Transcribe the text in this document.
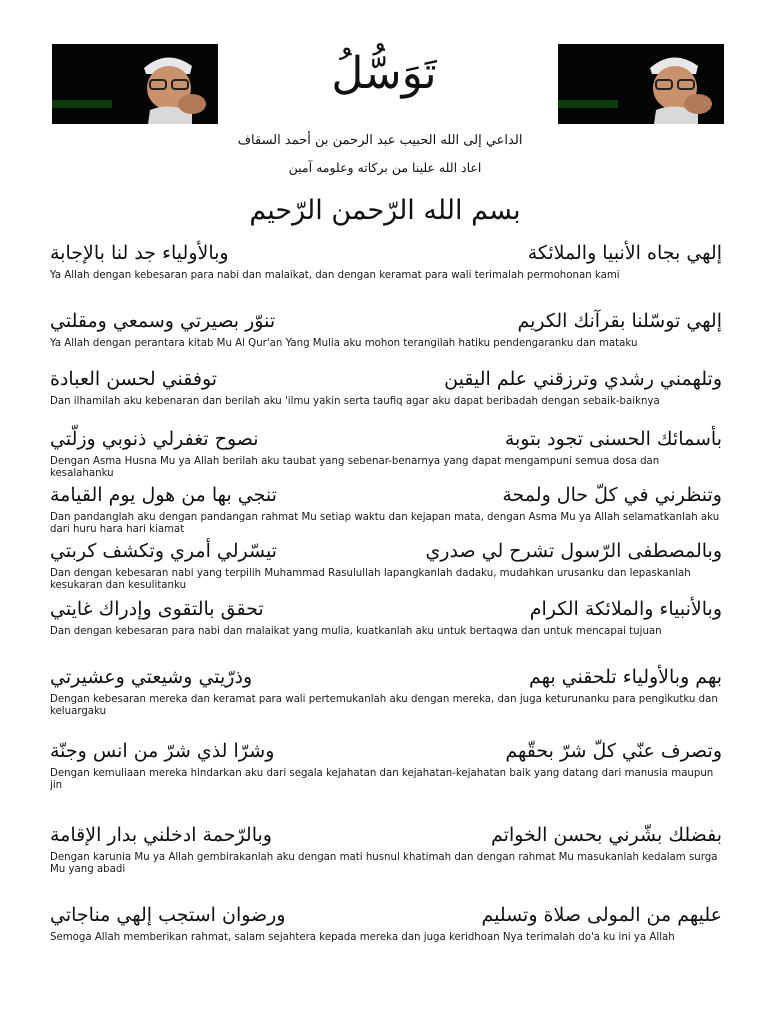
تَوَسُّلُ
الداعي إلى الله الحبيب عبد الرحمن بن أحمد السقاف
اعاد الله علينا من بركاته وعلومه آمين
بسم الله الرّحمن الرّحيم
إلهي بجاه الأنبيا والملائكة
وبالأولياء جد لنا بالإجابة
Ya Allah dengan kebesaran para nabi dan malaikat, dan dengan keramat para wali terimalah permohonan kami
إلهي توسّلنا بقرآنك الكريم
تنوّر بصيرتي وسمعي ومقلتي
Ya Allah dengan perantara kitab Mu Al Qur'an Yang Mulia aku mohon terangilah hatiku pendengaranku dan mataku
وتلهمني رشدي وترزقني علم اليقين
توفقني لحسن العبادة
Dan ilhamilah aku kebenaran dan berilah aku 'ilmu yakin serta taufiq agar aku dapat beribadah dengan sebaik-baiknya
بأسمائك الحسنى تجود بتوبة
نصوح تغفرلي ذنوبي وزلّتي
Dengan Asma Husna Mu ya Allah berilah aku taubat yang sebenar-benarnya yang dapat mengampuni semua dosa dan kesalahanku
وتنظرني في كلّ حال ولمحة
تنجي بها من هول يوم القيامة
Dan pandanglah aku dengan pandangan rahmat Mu setiap waktu dan kejapan mata, dengan Asma Mu ya Allah selamatkanlah aku dari huru hara hari kiamat
وبالمصطفى الرّسول تشرح لي صدري
تيسّرلي أمري وتكشف كربتي
Dan dengan kebesaran nabi yang terpilih Muhammad Rasulullah lapangkanlah dadaku, mudahkan urusanku dan lepaskanlah kesukaran dan kesulitanku
وبالأنبياء والملائكة الكرام
تحقق بالتقوى وإدراك غايتي
Dan dengan kebesaran para nabi dan malaikat yang mulia, kuatkanlah aku untuk bertaqwa dan untuk mencapai tujuan
بهم وبالأولياء تلحقني بهم
وذرّيتي وشيعتي وعشيرتي
Dengan kebesaran mereka dan keramat para wali pertemukanlah aku dengan mereka, dan juga keturunanku para pengikutku dan keluargaku
وتصرف عنّي كلّ شرّ بحقّهم
وشرّا لذي شرّ من انس وجنّة
Dengan kemuliaan mereka hindarkan aku dari segala kejahatan dan kejahatan-kejahatan baik yang datang dari manusia maupun jin
بفضلك بشّرني بحسن الخواتم
وبالرّحمة ادخلني بدار الإقامة
Dengan karunia Mu ya Allah gembirakanlah aku dengan mati husnul khatimah dan dengan rahmat Mu masukanlah kedalam surga Mu yang abadi
عليهم من المولى صلاة وتسليم
ورضوان استجب إلهي مناجاتي
Semoga Allah memberikan rahmat, salam sejahtera kepada mereka dan juga keridhoan Nya terimalah do'a ku ini ya Allah
